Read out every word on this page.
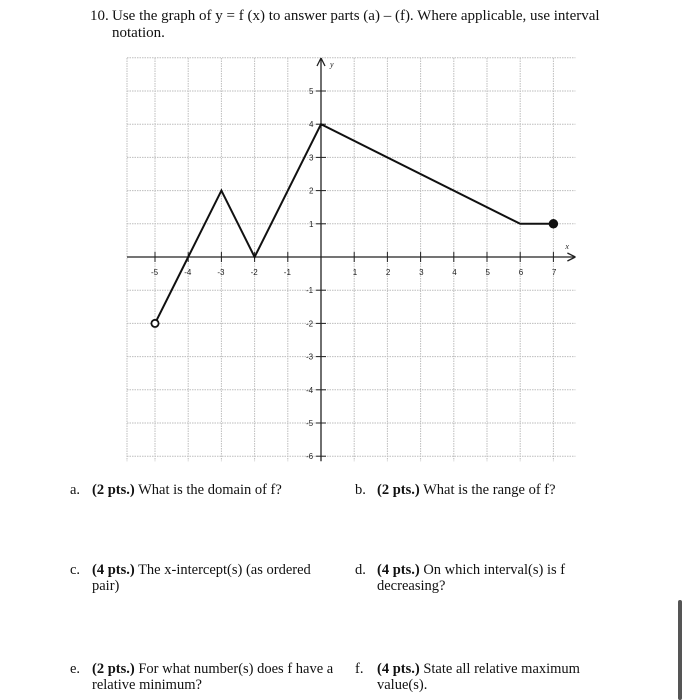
10. Use the graph of y = f (x) to answer parts (a) – (f). Where applicable, use interval
notation.
x
y
-5	-4	-3	-2	-1	1	2	3	4	5	6	7
5
4
3
2
1
-1
-2
-3
-4
-5
-6
a. (2 pts.) What is the domain of f?	b. (2 pts.) What is the range of f?
c. (4 pts.) The x-intercept(s) (as ordered
pair)
d. (4 pts.) On which interval(s) is f
decreasing?
e. (2 pts.) For what number(s) does f have a
relative minimum?
f. (4 pts.) State all relative maximum
value(s).
